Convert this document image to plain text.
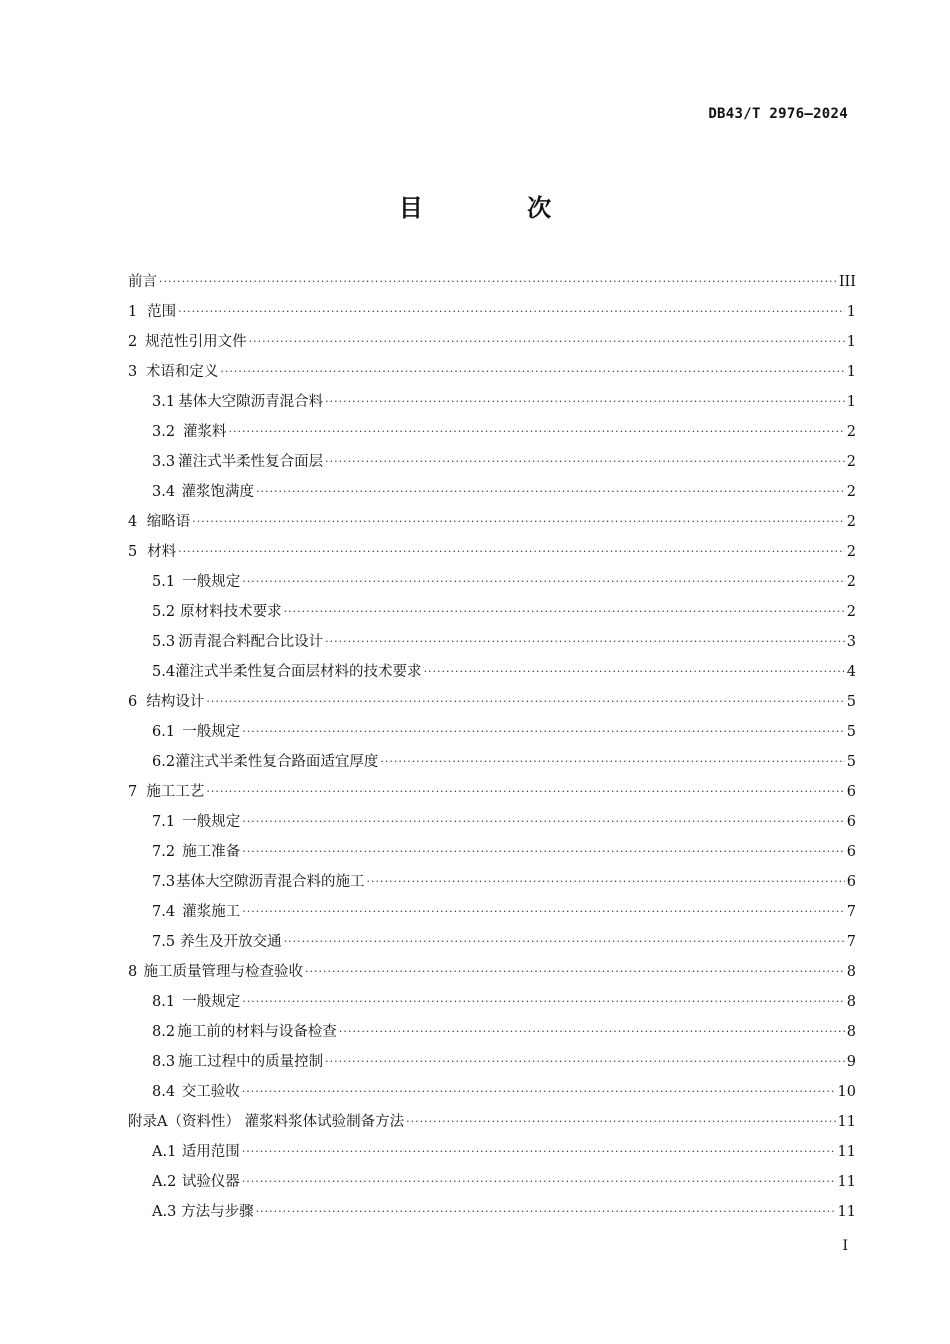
DB43/T 2976—2024
目 次
前言 ·····	III
1 范围 ·····	1
2 规范性引用文件 ·····	1
3 术语和定义 ·····	1
3.1 基体大空隙沥青混合料 ·····	1
3.2 灌浆料 ·····	2
3.3 灌注式半柔性复合面层 ·····	2
3.4 灌浆饱满度 ·····	2
4 缩略语 ·····	2
5 材料 ·····	2
5.1 一般规定 ·····	2
5.2 原材料技术要求 ·····	2
5.3 沥青混合料配合比设计 ·····	3
5.4 灌注式半柔性复合面层材料的技术要求 ·····	4
6 结构设计 ·····	5
6.1 一般规定 ·····	5
6.2 灌注式半柔性复合路面适宜厚度 ·····	5
7 施工工艺 ·····	6
7.1 一般规定 ·····	6
7.2 施工准备 ·····	6
7.3 基体大空隙沥青混合料的施工 ·····	6
7.4 灌浆施工 ·····	7
7.5 养生及开放交通 ·····	7
8 施工质量管理与检查验收 ·····	8
8.1 一般规定 ·····	8
8.2 施工前的材料与设备检查 ·····	8
8.3 施工过程中的质量控制 ·····	9
8.4 交工验收 ·····	10
附录A（资料性） 灌浆料浆体试验制备方法 ·····	11
A.1 适用范围 ·····	11
A.2 试验仪器 ·····	11
A.3 方法与步骤 ·····	11
I
